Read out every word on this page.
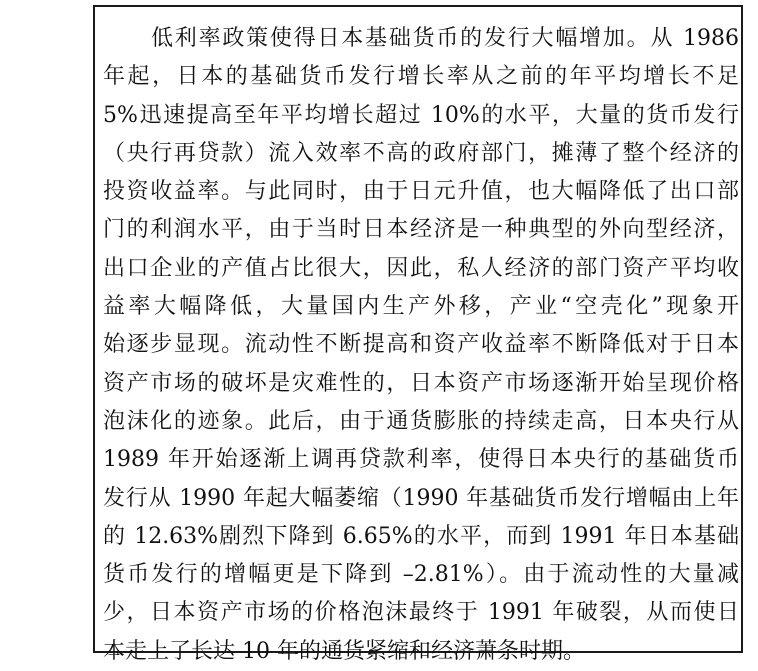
低利率政策使得日本基础货币的发行大幅增加。从 1986
年起，日本的基础货币发行增长率从之前的年平均增长不足
5%迅速提高至年平均增长超过 10%的水平，大量的货币发行
（央行再贷款）流入效率不高的政府部门，摊薄了整个经济的
投资收益率。与此同时，由于日元升值，也大幅降低了出口部
门的利润水平，由于当时日本经济是一种典型的外向型经济，
出口企业的产值占比很大，因此，私人经济的部门资产平均收
益率大幅降低，大量国内生产外移，产业“空壳化”现象开
始逐步显现。流动性不断提高和资产收益率不断降低对于日本
资产市场的破坏是灾难性的，日本资产市场逐渐开始呈现价格
泡沫化的迹象。此后，由于通货膨胀的持续走高，日本央行从
1989 年开始逐渐上调再贷款利率，使得日本央行的基础货币
发行从 1990 年起大幅萎缩（1990 年基础货币发行增幅由上年
的 12.63%剧烈下降到 6.65%的水平，而到 1991 年日本基础
货币发行的增幅更是下降到 –2.81%）。由于流动性的大量减
少，日本资产市场的价格泡沫最终于 1991 年破裂，从而使日
本走上了长达 10 年的通货紧缩和经济萧条时期。
